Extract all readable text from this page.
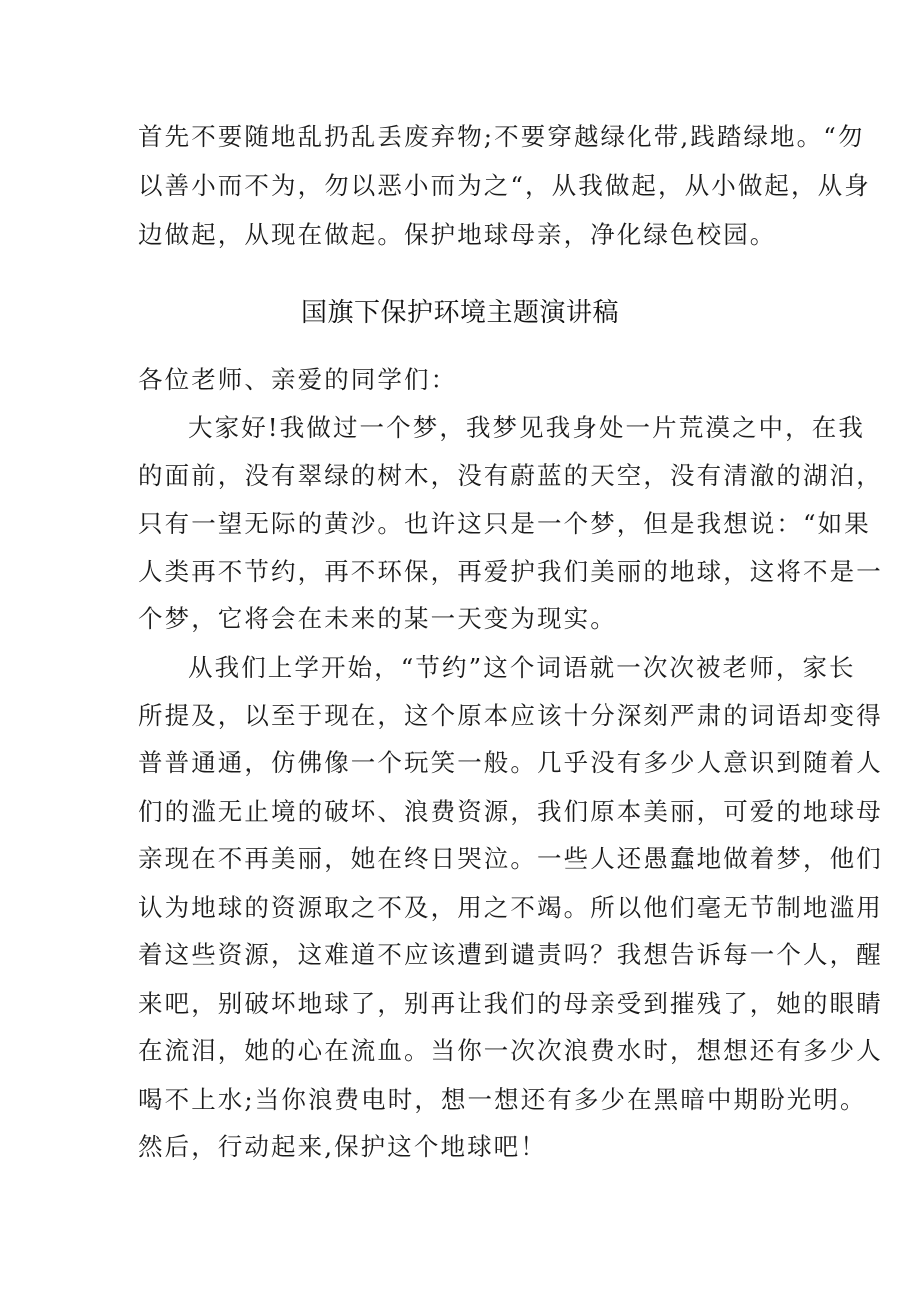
首先不要随地乱扔乱丢废弃物;不要穿越绿化带,践踏绿地。“勿
以善小而不为，勿以恶小而为之“，从我做起，从小做起，从身
边做起，从现在做起。保护地球母亲，净化绿色校园。
国旗下保护环境主题演讲稿
各位老师、亲爱的同学们：
大家好!我做过一个梦，我梦见我身处一片荒漠之中，在我
的面前，没有翠绿的树木，没有蔚蓝的天空，没有清澈的湖泊，
只有一望无际的黄沙。也许这只是一个梦，但是我想说：“如果
人类再不节约，再不环保，再爱护我们美丽的地球，这将不是一
个梦，它将会在未来的某一天变为现实。
从我们上学开始，“节约”这个词语就一次次被老师，家长
所提及，以至于现在，这个原本应该十分深刻严肃的词语却变得
普普通通，仿佛像一个玩笑一般。几乎没有多少人意识到随着人
们的滥无止境的破坏、浪费资源，我们原本美丽，可爱的地球母
亲现在不再美丽，她在终日哭泣。一些人还愚蠢地做着梦，他们
认为地球的资源取之不及，用之不竭。所以他们毫无节制地滥用
着这些资源，这难道不应该遭到谴责吗？我想告诉每一个人，醒
来吧，别破坏地球了，别再让我们的母亲受到摧残了，她的眼睛
在流泪，她的心在流血。当你一次次浪费水时，想想还有多少人
喝不上水;当你浪费电时，想一想还有多少在黑暗中期盼光明。
然后，行动起来,保护这个地球吧！
